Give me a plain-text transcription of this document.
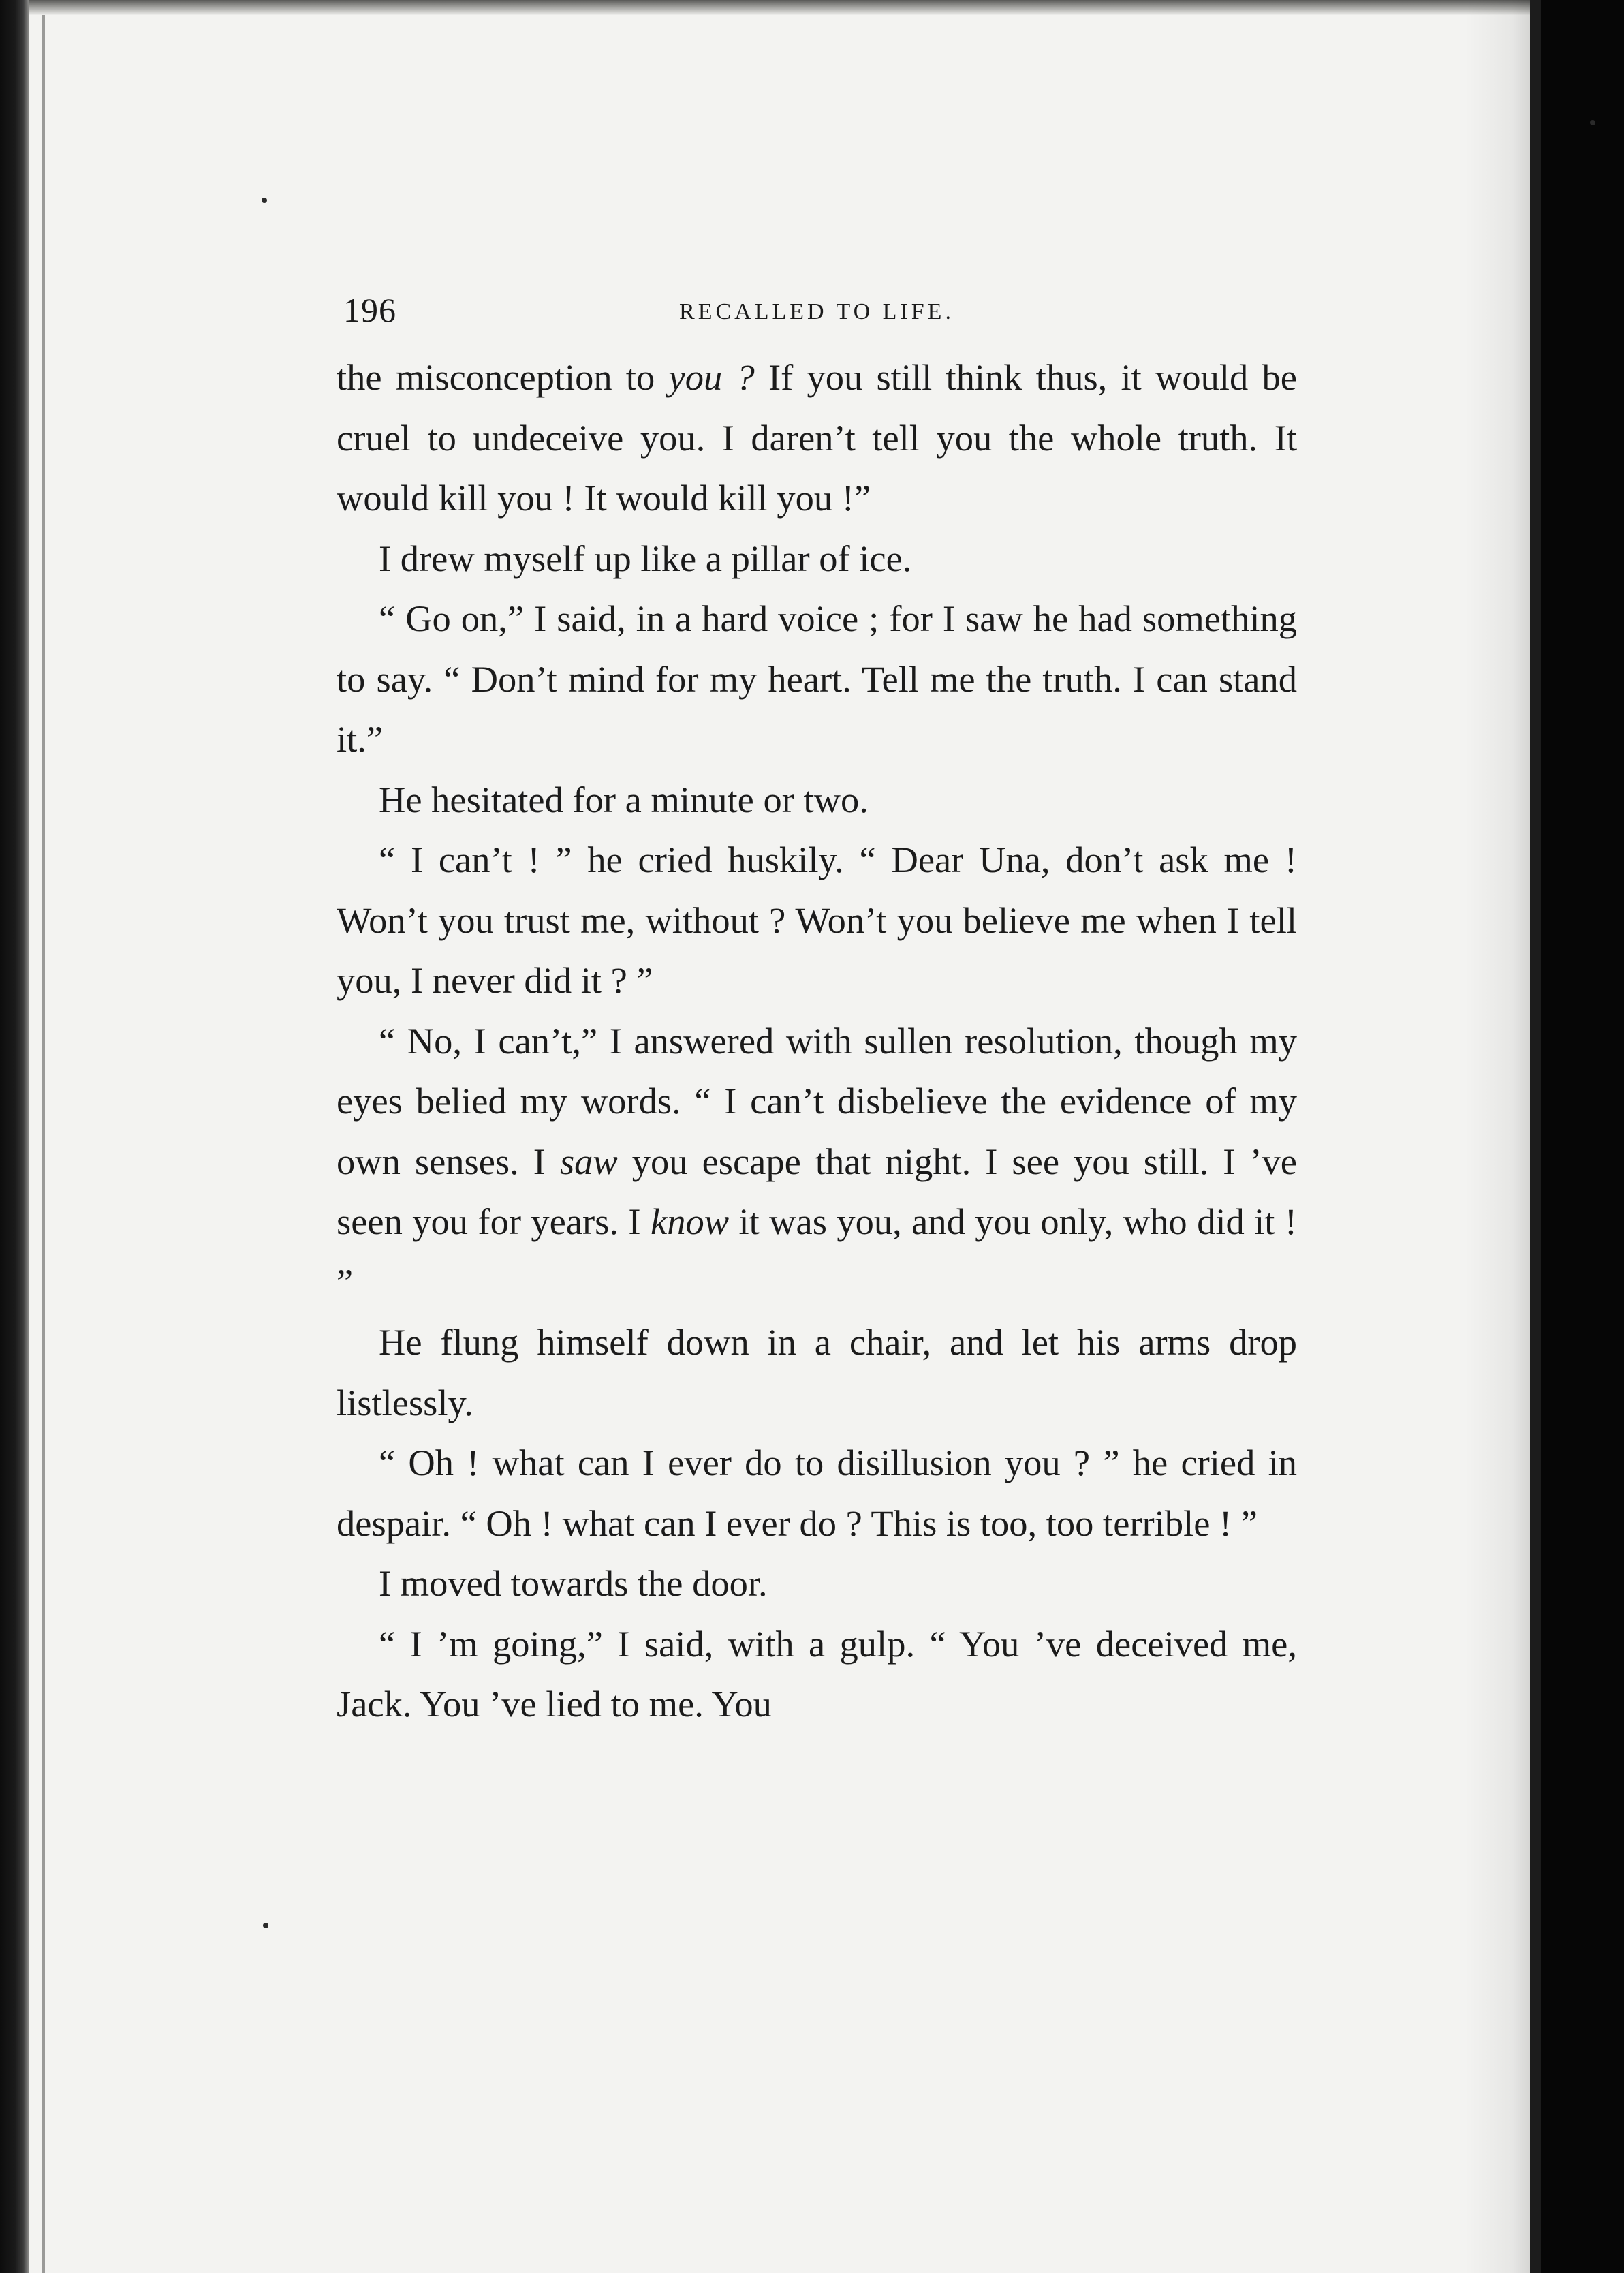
196	RECALLED TO LIFE.

the misconception to you ? If you still think thus, it would be cruel to undeceive you. I daren’t tell you the whole truth. It would kill you ! It would kill you !”

I drew myself up like a pillar of ice.

“ Go on,” I said, in a hard voice ; for I saw he had something to say. “ Don’t mind for my heart. Tell me the truth. I can stand it.”

He hesitated for a minute or two.

“ I can’t ! ” he cried huskily. “ Dear Una, don’t ask me ! Won’t you trust me, without ? Won’t you believe me when I tell you, I never did it ? ”

“ No, I can’t,” I answered with sullen resolution, though my eyes belied my words. “ I can’t disbelieve the evidence of my own senses. I saw you escape that night. I see you still. I ’ve seen you for years. I know it was you, and you only, who did it ! ”

He flung himself down in a chair, and let his arms drop listlessly.

“ Oh ! what can I ever do to disillusion you ? ” he cried in despair. “ Oh ! what can I ever do ? This is too, too terrible ! ”

I moved towards the door.

“ I ’m going,” I said, with a gulp. “ You ’ve deceived me, Jack. You ’ve lied to me. You
